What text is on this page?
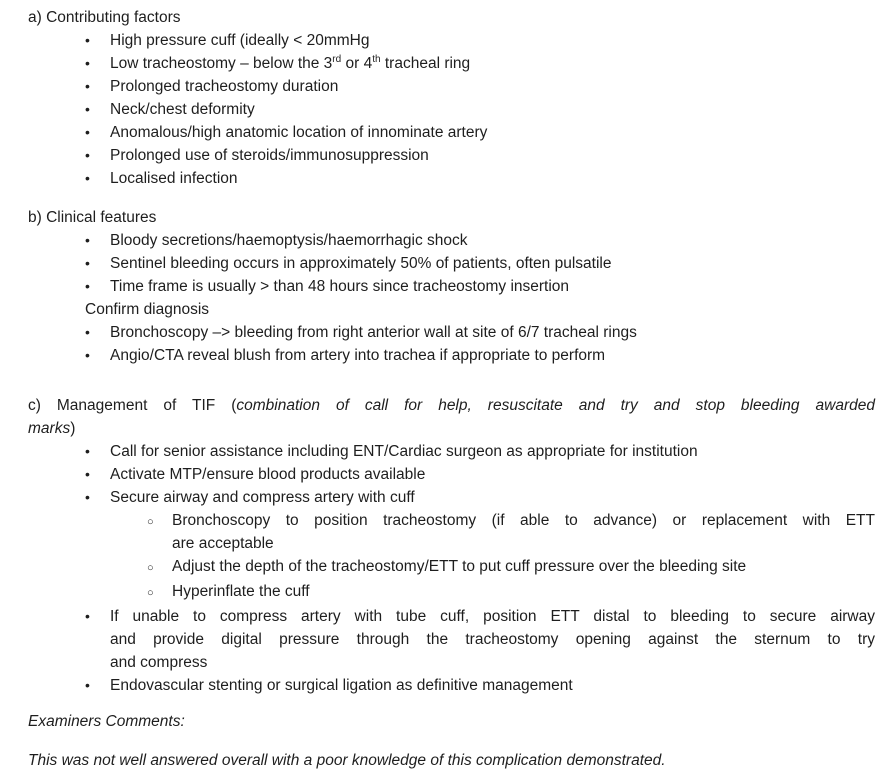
a) Contributing factors
•	High pressure cuff (ideally < 20mmHg
•	Low tracheostomy – below the 3rd or 4th tracheal ring
•	Prolonged tracheostomy duration
•	Neck/chest deformity
•	Anomalous/high anatomic location of innominate artery
•	Prolonged use of steroids/immunosuppression
•	Localised infection
b) Clinical features
•	Bloody secretions/haemoptysis/haemorrhagic shock
•	Sentinel bleeding occurs in approximately 50% of patients, often pulsatile
•	Time frame is usually > than 48 hours since tracheostomy insertion
Confirm diagnosis
•	Bronchoscopy –> bleeding from right anterior wall at site of 6/7 tracheal rings
•	Angio/CTA reveal blush from artery into trachea if appropriate to perform
c) Management of TIF (combination of call for help, resuscitate and try and stop bleeding awarded
marks)
•	Call for senior assistance including ENT/Cardiac surgeon as appropriate for institution
•	Activate MTP/ensure blood products available
•	Secure airway and compress artery with cuff
○	Bronchoscopy to position tracheostomy (if able to advance) or replacement with ETT
are acceptable
○	Adjust the depth of the tracheostomy/ETT to put cuff pressure over the bleeding site
○	Hyperinflate the cuff
•	If unable to compress artery with tube cuff, position ETT distal to bleeding to secure airway
and provide digital pressure through the tracheostomy opening against the sternum to try
and compress
•	Endovascular stenting or surgical ligation as definitive management
Examiners Comments:
This was not well answered overall with a poor knowledge of this complication demonstrated.
